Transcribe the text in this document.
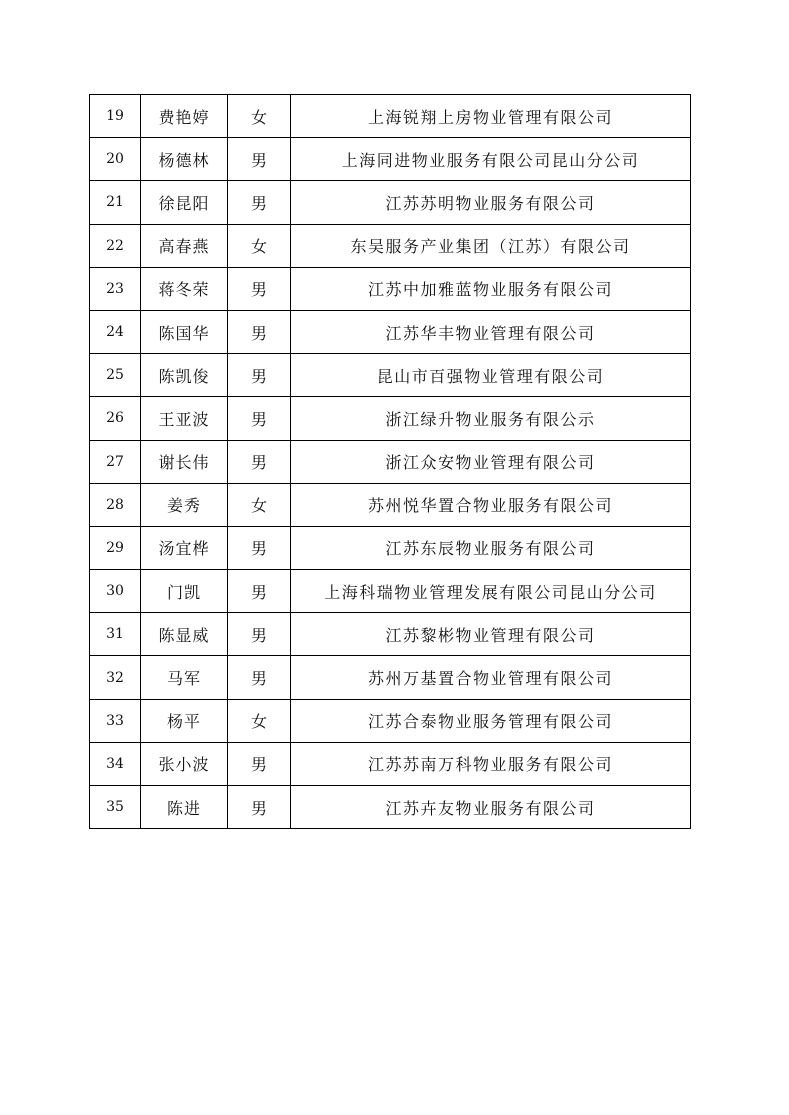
19	费艳婷	女	上海锐翔上房物业管理有限公司
20	杨德林	男	上海同进物业服务有限公司昆山分公司
21	徐昆阳	男	江苏苏明物业服务有限公司
22	高春燕	女	东吴服务产业集团（江苏）有限公司
23	蒋冬荣	男	江苏中加雅蓝物业服务有限公司
24	陈国华	男	江苏华丰物业管理有限公司
25	陈凯俊	男	昆山市百强物业管理有限公司
26	王亚波	男	浙江绿升物业服务有限公示
27	谢长伟	男	浙江众安物业管理有限公司
28	姜秀	女	苏州悦华置合物业服务有限公司
29	汤宜桦	男	江苏东辰物业服务有限公司
30	门凯	男	上海科瑞物业管理发展有限公司昆山分公司
31	陈显威	男	江苏黎彬物业管理有限公司
32	马军	男	苏州万基置合物业管理有限公司
33	杨平	女	江苏合泰物业服务管理有限公司
34	张小波	男	江苏苏南万科物业服务有限公司
35	陈进	男	江苏卉友物业服务有限公司
